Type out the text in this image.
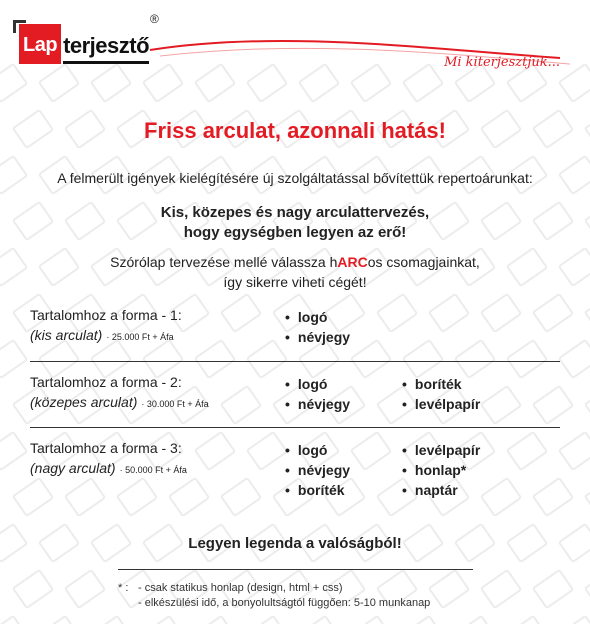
Lap terjesztő
®
Mi kiterjesztjük...
Friss arculat, azonnali hatás!
A felmerült igények kielégítésére új szolgáltatással bővítettük repertoárunkat:
Kis, közepes és nagy arculattervezés,
hogy egységben legyen az erő!
Szórólap tervezése mellé válassza hARCos csomagjainkat,
így sikerre viheti cégét!
Tartalomhoz a forma - 1:
(kis arculat) · 25.000 Ft + Áfa
• logó
• névjegy
Tartalomhoz a forma - 2:
(közepes arculat) · 30.000 Ft + Áfa
• logó
• névjegy
• boríték
• levélpapír
Tartalomhoz a forma - 3:
(nagy arculat) · 50.000 Ft + Áfa
• logó
• névjegy
• boríték
• levélpapír
• honlap*
• naptár
Legyen legenda a valóságból!
* : - csak statikus honlap (design, html + css)
- elkészülési idő, a bonyolultságtól függően: 5-10 munkanap
